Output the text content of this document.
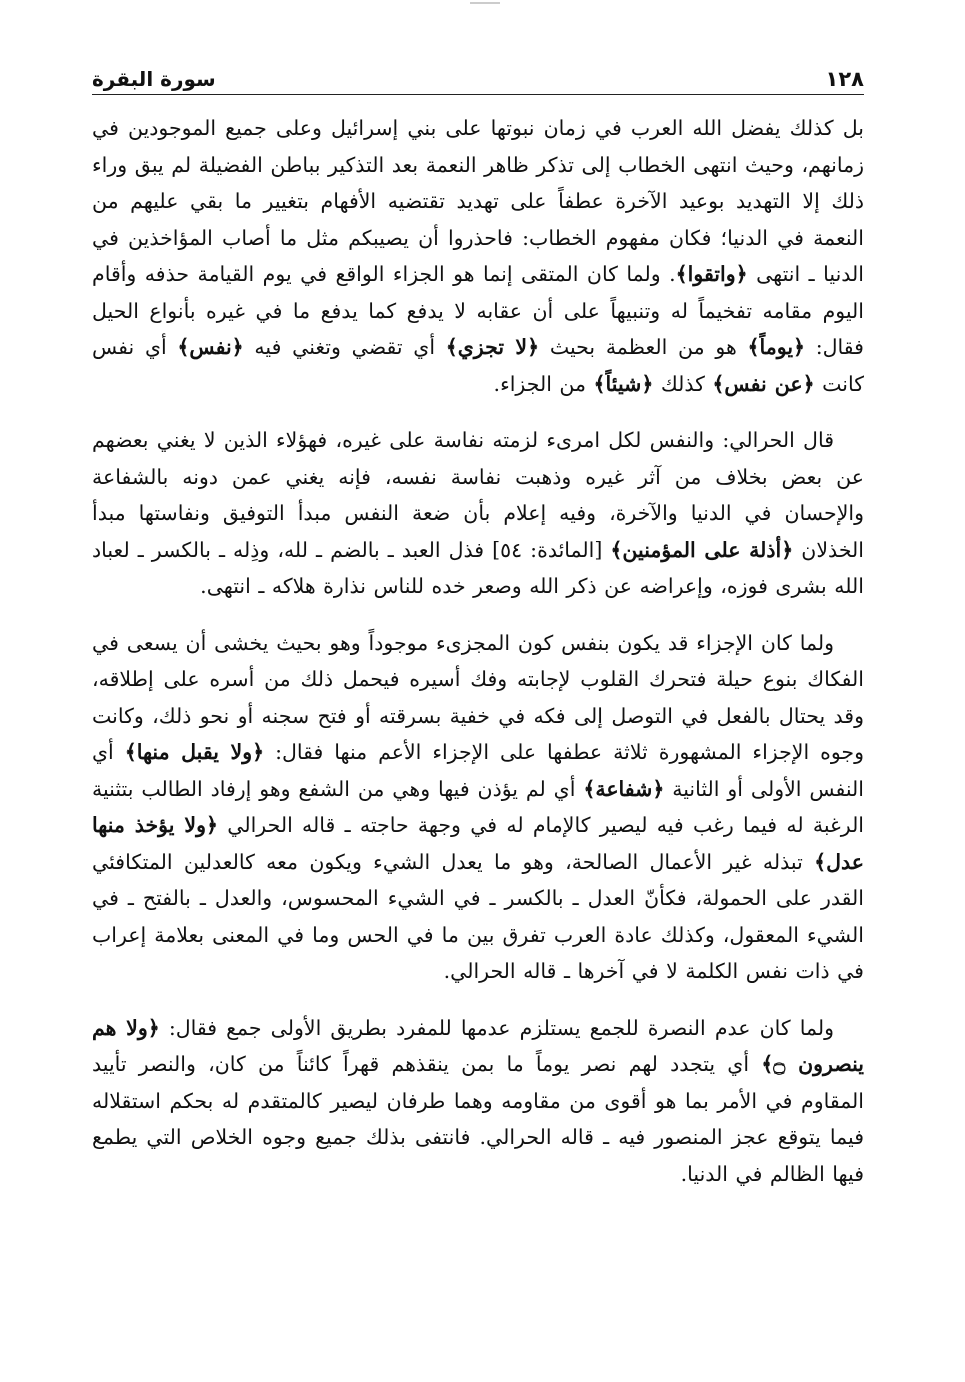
١٢٨
سورة البقرة

بل كذلك يفضل الله العرب في زمان نبوتها على بني إسرائيل وعلى جميع الموجودين في زمانهم، وحيث انتهى الخطاب إلى تذكر ظاهر النعمة بعد التذكير بباطن الفضيلة لم يبق وراء ذلك إلا التهديد بوعيد الآخرة عطفاً على تهديد تقتضيه الأفهام بتغيير ما بقي عليهم من النعمة في الدنيا؛ فكان مفهوم الخطاب: فاحذروا أن يصيبكم مثل ما أصاب المؤاخذين في الدنيا ـ انتهى ﴿واتقوا﴾. ولما كان المتقى إنما هو الجزاء الواقع في يوم القيامة حذفه وأقام اليوم مقامه تفخيماً له وتنبيهاً على أن عقابه لا يدفع كما يدفع ما في غيره بأنواع الحيل فقال: ﴿يوماً﴾ هو من العظمة بحيث ﴿لا تجزي﴾ أي تقضي وتغني فيه ﴿نفس﴾ أي نفس كانت ﴿عن نفس﴾ كذلك ﴿شيئاً﴾ من الجزاء.

قال الحرالي: والنفس لكل امرىء لزمته نفاسة على غيره، فهؤلاء الذين لا يغني بعضهم عن بعض بخلاف من آثر غيره وذهبت نفاسة نفسه، فإنه يغني عمن دونه بالشفاعة والإحسان في الدنيا والآخرة، وفيه إعلام بأن ضعة النفس مبدأ التوفيق ونفاستها مبدأ الخذلان ﴿أذلة على المؤمنين﴾ [المائدة: ٥٤] فذل العبد ـ بالضم ـ لله، وذِله ـ بالكسر ـ لعباد الله بشرى فوزه، وإعراضه عن ذكر الله وصعر خده للناس نذارة هلاكه ـ انتهى.

ولما كان الإجزاء قد يكون بنفس كون المجزىء موجوداً وهو بحيث يخشى أن يسعى في الفكاك بنوع حيلة فتحرك القلوب لإجابته وفك أسيره فيحمل ذلك من أسره على إطلاقه، وقد يحتال بالفعل في التوصل إلى فكه في خفية بسرقته أو فتح سجنه أو نحو ذلك، وكانت وجوه الإجزاء المشهورة ثلاثة عطفها على الإجزاء الأعم منها فقال: ﴿ولا يقبل منها﴾ أي النفس الأولى أو الثانية ﴿شفاعة﴾ أي لم يؤذن فيها وهي من الشفع وهو إرفاد الطالب بتثنية الرغبة له فيما رغب فيه ليصير كالإمام له في وجهة حاجته ـ قاله الحرالي ﴿ولا يؤخذ منها عدل﴾ تبذله غير الأعمال الصالحة، وهو ما يعدل الشيء ويكون معه كالعدلين المتكافئي القدر على الحمولة، فكأنّ العدل ـ بالكسر ـ في الشيء المحسوس، والعدل ـ بالفتح ـ في الشيء المعقول، وكذلك عادة العرب تفرق بين ما في الحس وما في المعنى بعلامة إعراب في ذات نفس الكلمة لا في آخرها ـ قاله الحرالي.

ولما كان عدم النصرة للجمع يستلزم عدمها للمفرد بطريق الأولى جمع فقال: ﴿ولا هم ينصرون ۝﴾ أي يتجدد لهم نصر يوماً ما بمن ينقذهم قهراً كائناً من كان، والنصر تأييد المقاوم في الأمر بما هو أقوى من مقاومه وهما طرفان ليصير كالمتقدم له بحكم استقلاله فيما يتوقع عجز المنصور فيه ـ قاله الحرالي. فانتفى بذلك جميع وجوه الخلاص التي يطمع فيها الظالم في الدنيا.
